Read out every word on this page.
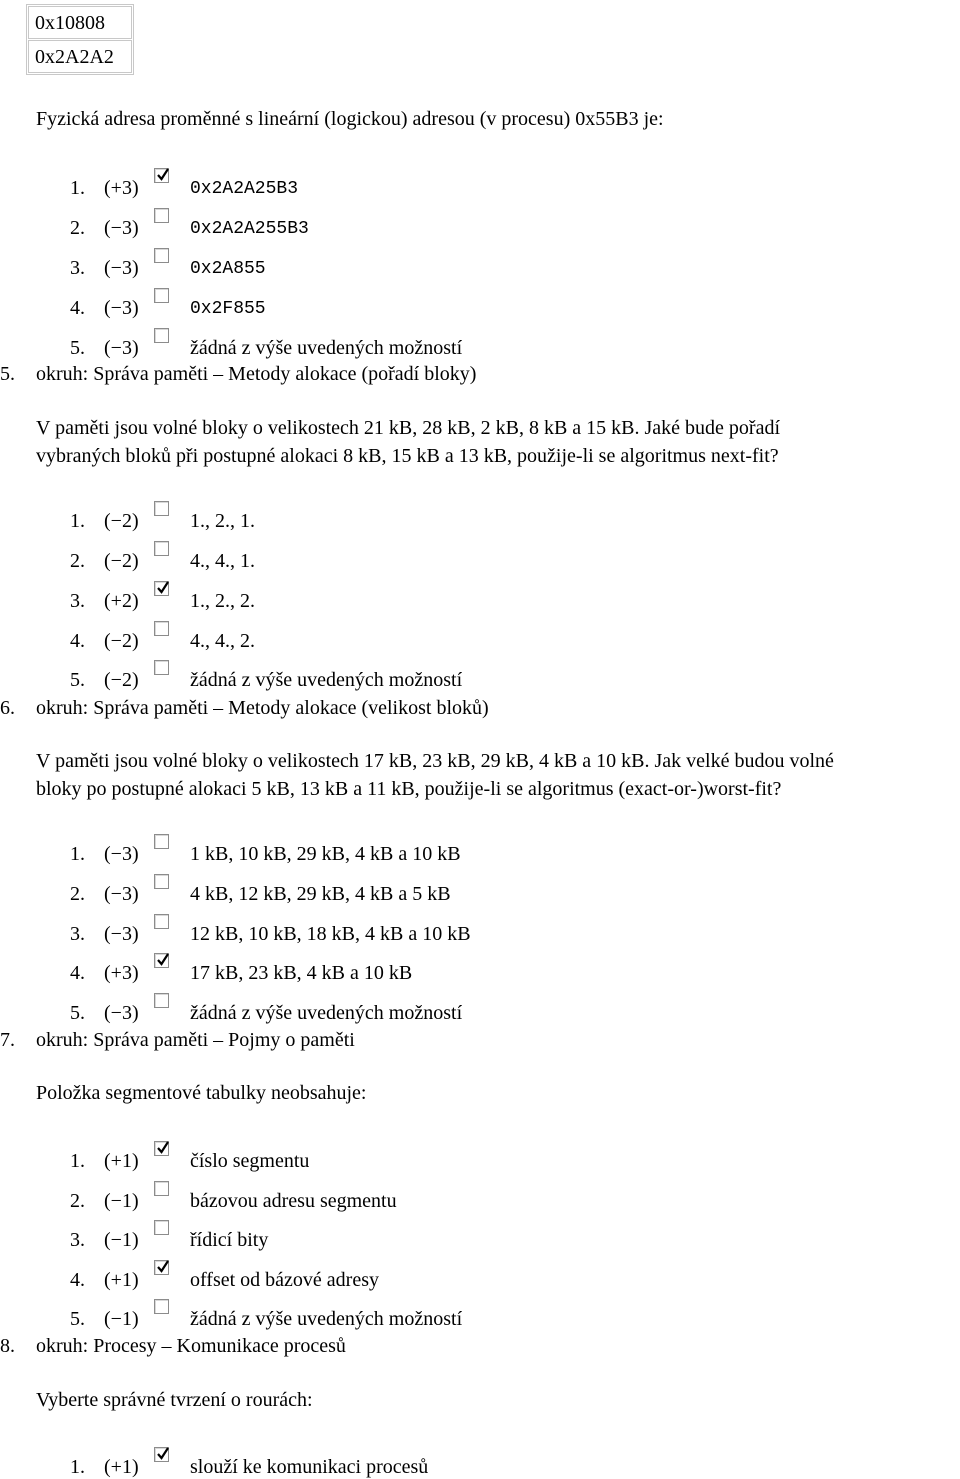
0x10808
0x2A2A2
Fyzická adresa proměnné s lineární (logickou) adresou (v procesu) 0x55B3 je:
5. okruh: Správa paměti – Metody alokace (pořadí bloky)
V paměti jsou volné bloky o velikostech 21 kB, 28 kB, 2 kB, 8 kB a 15 kB. Jaké bude pořadí
vybraných bloků při postupné alokaci 8 kB, 15 kB a 13 kB, použije-li se algoritmus next-fit?
6. okruh: Správa paměti – Metody alokace (velikost bloků)
V paměti jsou volné bloky o velikostech 17 kB, 23 kB, 29 kB, 4 kB a 10 kB. Jak velké budou volné
bloky po postupné alokaci 5 kB, 13 kB a 11 kB, použije-li se algoritmus (exact-or-)worst-fit?
7. okruh: Správa paměti – Pojmy o paměti
Položka segmentové tabulky neobsahuje:
8. okruh: Procesy – Komunikace procesů
Vyberte správné tvrzení o rourách:
1. (+3)	0x2A2A25B3
2. (−3)	0x2A2A255B3
3. (−3)	0x2A855
4. (−3)	0x2F855
5. (−3)	žádná z výše uvedených možností
1. (−2)	1., 2., 1.
2. (−2)	4., 4., 1.
3. (+2)	1., 2., 2.
4. (−2)	4., 4., 2.
5. (−2)	žádná z výše uvedených možností
1. (−3)	1 kB, 10 kB, 29 kB, 4 kB a 10 kB
2. (−3)	4 kB, 12 kB, 29 kB, 4 kB a 5 kB
3. (−3)	12 kB, 10 kB, 18 kB, 4 kB a 10 kB
4. (+3)	17 kB, 23 kB, 4 kB a 10 kB
5. (−3)	žádná z výše uvedených možností
1. (+1)	číslo segmentu
2. (−1)	bázovou adresu segmentu
3. (−1)	řídicí bity
4. (+1)	offset od bázové adresy
5. (−1)	žádná z výše uvedených možností
1. (+1)	slouží ke komunikaci procesů
